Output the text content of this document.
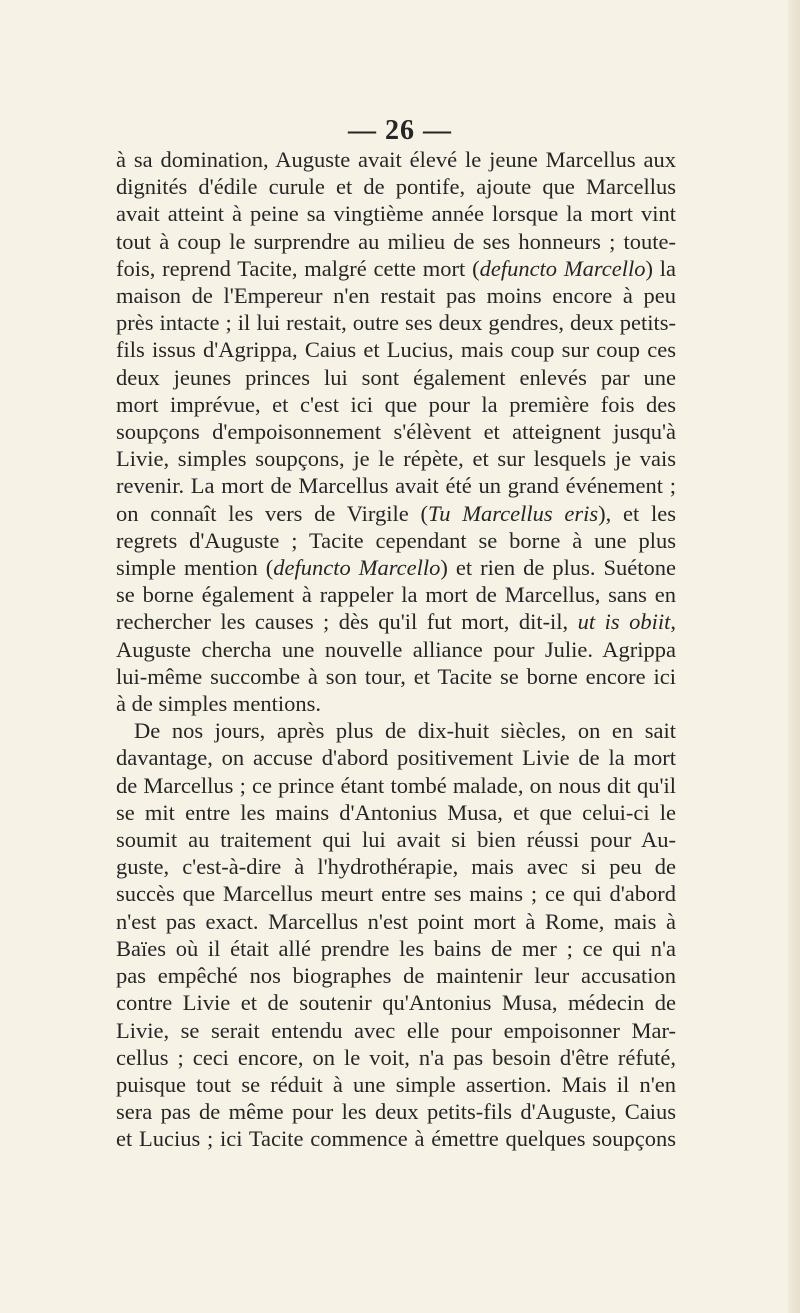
— 26 —
à sa domination, Auguste avait élevé le jeune Marcellus aux
dignités d'édile curule et de pontife, ajoute que Marcellus
avait atteint à peine sa vingtième année lorsque la mort vint
tout à coup le surprendre au milieu de ses honneurs ; toute-
fois, reprend Tacite, malgré cette mort (defuncto Marcello) la
maison de l'Empereur n'en restait pas moins encore à peu
près intacte ; il lui restait, outre ses deux gendres, deux petits-
fils issus d'Agrippa, Caius et Lucius, mais coup sur coup ces
deux jeunes princes lui sont également enlevés par une
mort imprévue, et c'est ici que pour la première fois des
soupçons d'empoisonnement s'élèvent et atteignent jusqu'à
Livie, simples soupçons, je le répète, et sur lesquels je vais
revenir. La mort de Marcellus avait été un grand événement ;
on connaît les vers de Virgile (Tu Marcellus eris), et les
regrets d'Auguste ; Tacite cependant se borne à une plus
simple mention (defuncto Marcello) et rien de plus. Suétone
se borne également à rappeler la mort de Marcellus, sans en
rechercher les causes ; dès qu'il fut mort, dit-il, ut is obiit,
Auguste chercha une nouvelle alliance pour Julie. Agrippa
lui-même succombe à son tour, et Tacite se borne encore ici
à de simples mentions.
De nos jours, après plus de dix-huit siècles, on en sait
davantage, on accuse d'abord positivement Livie de la mort
de Marcellus ; ce prince étant tombé malade, on nous dit qu'il
se mit entre les mains d'Antonius Musa, et que celui-ci le
soumit au traitement qui lui avait si bien réussi pour Au-
guste, c'est-à-dire à l'hydrothérapie, mais avec si peu de
succès que Marcellus meurt entre ses mains ; ce qui d'abord
n'est pas exact. Marcellus n'est point mort à Rome, mais à
Baïes où il était allé prendre les bains de mer ; ce qui n'a
pas empêché nos biographes de maintenir leur accusation
contre Livie et de soutenir qu'Antonius Musa, médecin de
Livie, se serait entendu avec elle pour empoisonner Mar-
cellus ; ceci encore, on le voit, n'a pas besoin d'être réfuté,
puisque tout se réduit à une simple assertion. Mais il n'en
sera pas de même pour les deux petits-fils d'Auguste, Caius
et Lucius ; ici Tacite commence à émettre quelques soupçons
